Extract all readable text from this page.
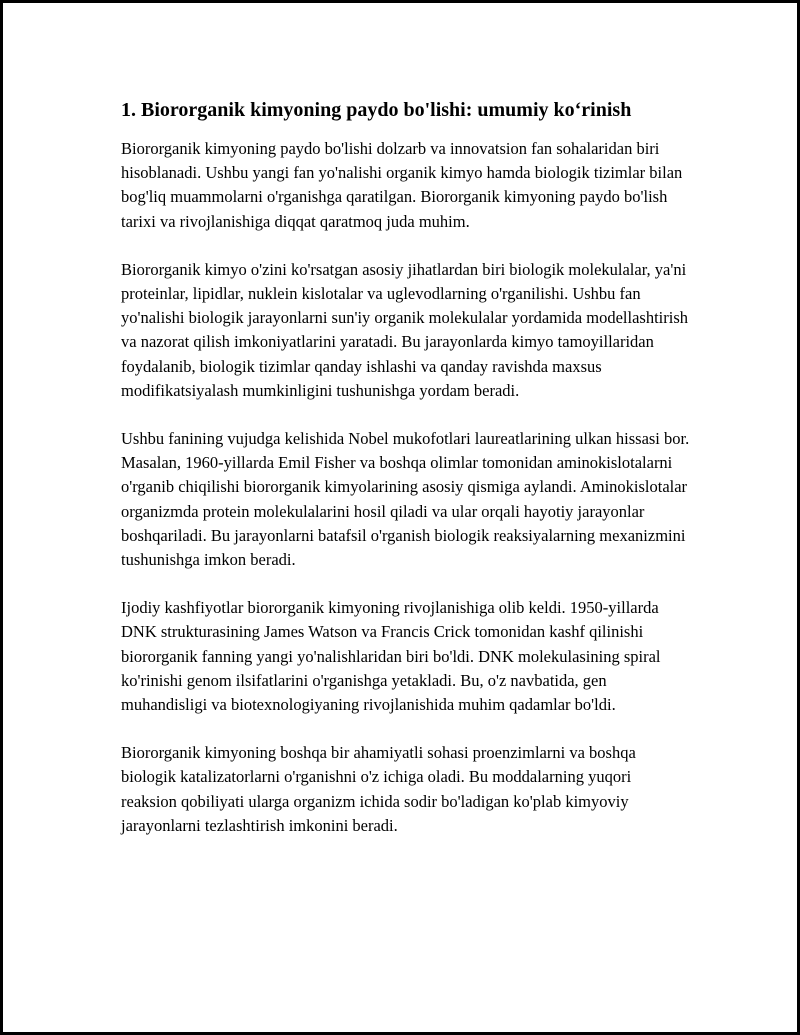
1. Biororganik kimyoning paydo bo'lishi: umumiy ko‘rinish

Biororganik kimyoning paydo bo'lishi dolzarb va innovatsion fan sohalaridan biri hisoblanadi. Ushbu yangi fan yo'nalishi organik kimyo hamda biologik tizimlar bilan bog'liq muammolarni o'rganishga qaratilgan. Biororganik kimyoning paydo bo'lish tarixi va rivojlanishiga diqqat qaratmoq juda muhim.

Biororganik kimyo o'zini ko'rsatgan asosiy jihatlardan biri biologik molekulalar, ya'ni proteinlar, lipidlar, nuklein kislotalar va uglevodlarning o'rganilishi. Ushbu fan yo'nalishi biologik jarayonlarni sun'iy organik molekulalar yordamida modellashtirish va nazorat qilish imkoniyatlarini yaratadi. Bu jarayonlarda kimyo tamoyillaridan foydalanib, biologik tizimlar qanday ishlashi va qanday ravishda maxsus modifikatsiyalash mumkinligini tushunishga yordam beradi.

Ushbu fanining vujudga kelishida Nobel mukofotlari laureatlarining ulkan hissasi bor. Masalan, 1960-yillarda Emil Fisher va boshqa olimlar tomonidan aminokislotalarni o'rganib chiqilishi biororganik kimyolarining asosiy qismiga aylandi. Aminokislotalar organizmda protein molekulalarini hosil qiladi va ular orqali hayotiy jarayonlar boshqariladi. Bu jarayonlarni batafsil o'rganish biologik reaksiyalarning mexanizmini tushunishga imkon beradi.

Ijodiy kashfiyotlar biororganik kimyoning rivojlanishiga olib keldi. 1950-yillarda DNK strukturasining James Watson va Francis Crick tomonidan kashf qilinishi biororganik fanning yangi yo'nalishlaridan biri bo'ldi. DNK molekulasining spiral ko'rinishi genom ilsifatlarini o'rganishga yetakladi. Bu, o'z navbatida, gen muhandisligi va biotexnologiyaning rivojlanishida muhim qadamlar bo'ldi.

Biororganik kimyoning boshqa bir ahamiyatli sohasi proenzimlarni va boshqa biologik katalizatorlarni o'rganishni o'z ichiga oladi. Bu moddalarning yuqori reaksion qobiliyati ularga organizm ichida sodir bo'ladigan ko'plab kimyoviy jarayonlarni tezlashtirish imkonini beradi.
